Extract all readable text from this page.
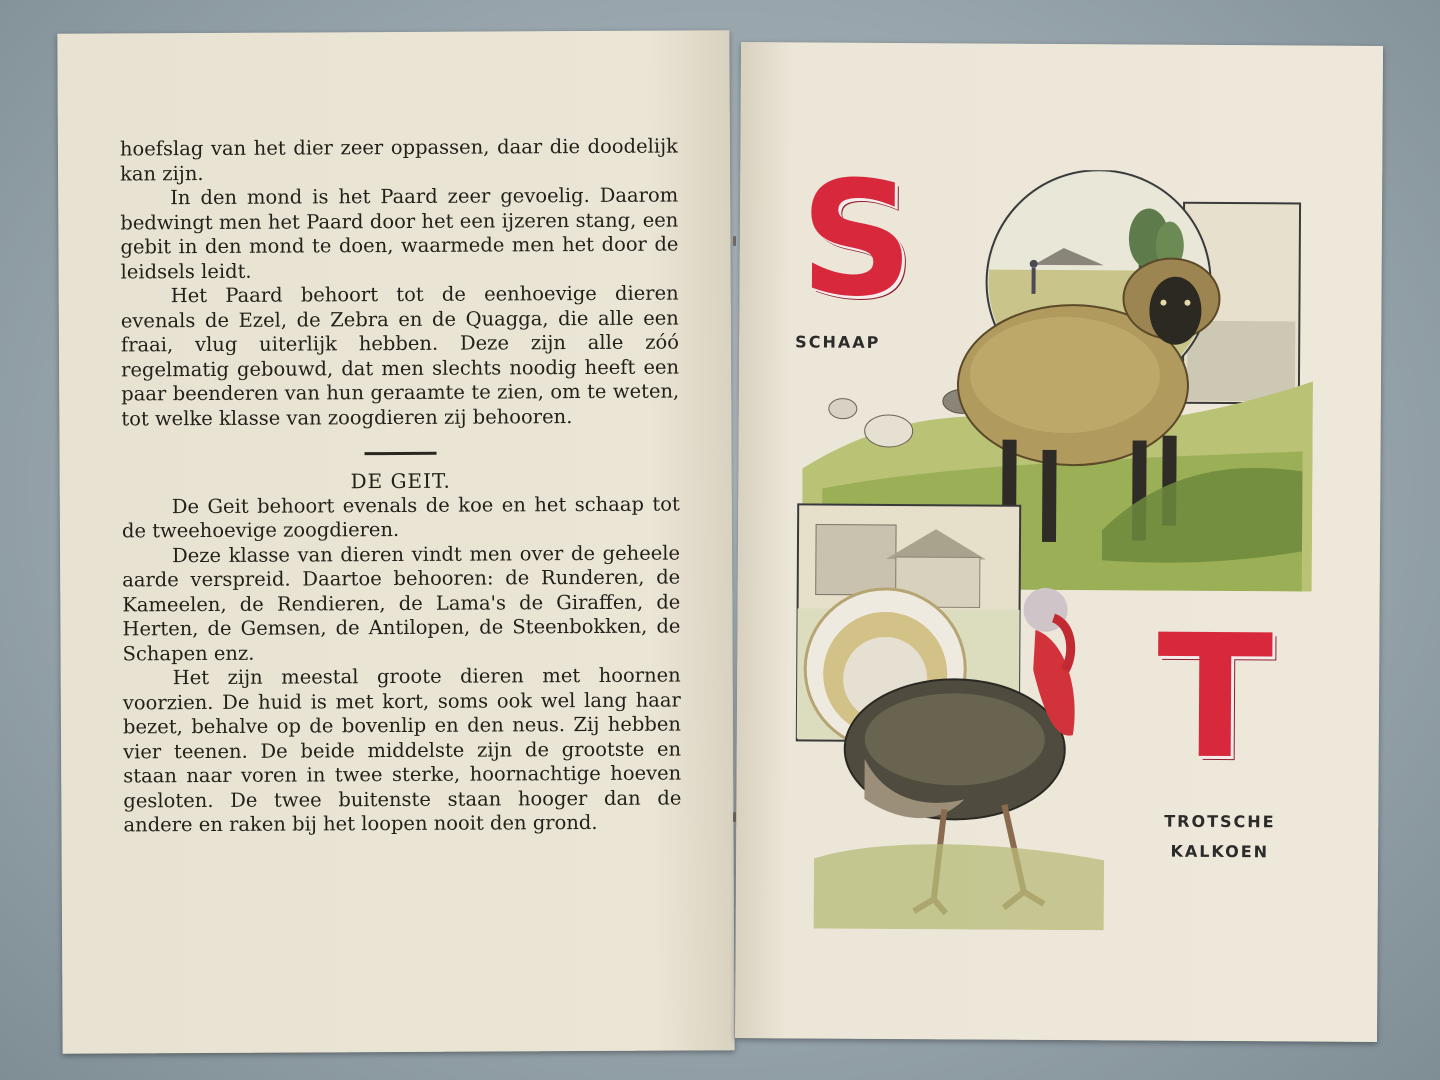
hoefslag van het dier zeer oppassen, daar die doodelijk kan zijn.

In den mond is het Paard zeer gevoelig. Daarom bedwingt men het Paard door het een ijzeren stang, een gebit in den mond te doen, waarmede men het door de leidsels leidt.

Het Paard behoort tot de eenhoevige dieren evenals de Ezel, de Zebra en de Quagga, die alle een fraai, vlug uiterlijk hebben. Deze zijn alle zóó regelmatig gebouwd, dat men slechts noodig heeft een paar beenderen van hun geraamte te zien, om te weten, tot welke klasse van zoogdieren zij behooren.

DE GEIT.

De Geit behoort evenals de koe en het schaap tot de tweehoevige zoogdieren.

Deze klasse van dieren vindt men over de geheele aarde verspreid. Daartoe behooren: de Runderen, de Kameelen, de Rendieren, de Lama's de Giraffen, de Herten, de Gemsen, de Antilopen, de Steenbokken, de Schapen enz.

Het zijn meestal groote dieren met hoornen voorzien. De huid is met kort, soms ook wel lang haar bezet, behalve op de bovenlip en den neus. Zij hebben vier teenen. De beide middelste zijn de grootste en staan naar voren in twee sterke, hoornachtige hoeven gesloten. De twee buitenste staan hooger dan de andere en raken bij het loopen nooit den grond.

S
SCHAAP
T
TROTSCHE
KALKOEN
